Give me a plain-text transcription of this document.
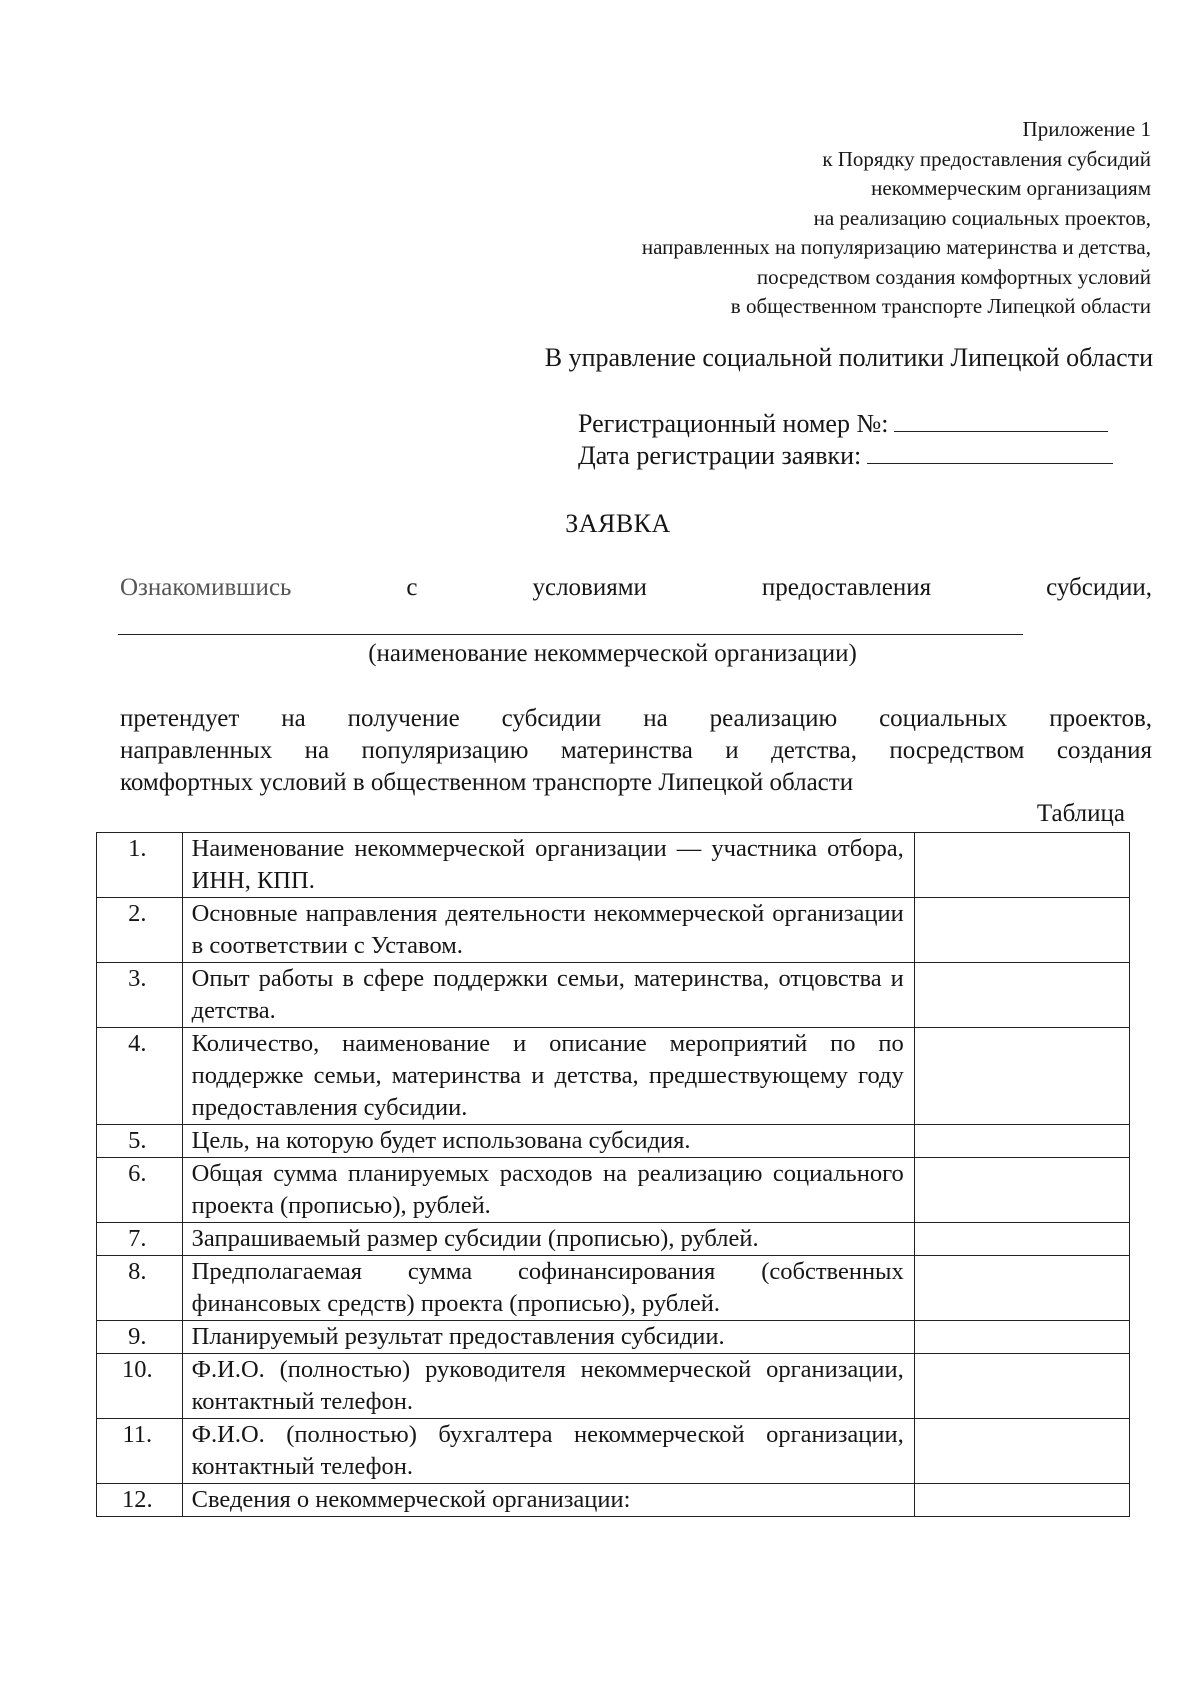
Приложение 1
к Порядку предоставления субсидий
некоммерческим организациям
на реализацию социальных проектов,
направленных на популяризацию материнства и детства,
посредством создания комфортных условий
в общественном транспорте Липецкой области
В управление социальной политики Липецкой области
Регистрационный номер №:
Дата регистрации заявки:
ЗАЯВКА
Ознакомившись	с	условиями	предоставления	субсидии,
(наименование некоммерческой организации)

претендует на получение субсидии на реализацию социальных проектов,

направленных на популяризацию материнства и детства, посредством создания

комфортных условий в общественном транспорте Липецкой области

Таблица
1.	Наименование некоммерческой организации — участника отбора, ИНН, КПП.	
2.	Основные направления деятельности некоммерческой организации в соответствии с Уставом.	
3.	Опыт работы в сфере поддержки семьи, материнства, отцовства и детства.	
4.	Количество, наименование и описание мероприятий по по поддержке семьи, материнства и детства, предшествующему году предоставления субсидии.	
5.	Цель, на которую будет использована субсидия.	
6.	Общая сумма планируемых расходов на реализацию социального проекта (прописью), рублей.	
7.	Запрашиваемый размер субсидии (прописью), рублей.	
8.	Предполагаемая сумма софинансирования (собственных финансовых средств) проекта (прописью), рублей.	
9.	Планируемый результат предоставления субсидии.	
10.	Ф.И.О. (полностью) руководителя некоммерческой организации, контактный телефон.	
11.	Ф.И.О. (полностью) бухгалтера некоммерческой организации, контактный телефон.	
12.	Сведения о некоммерческой организации:	
